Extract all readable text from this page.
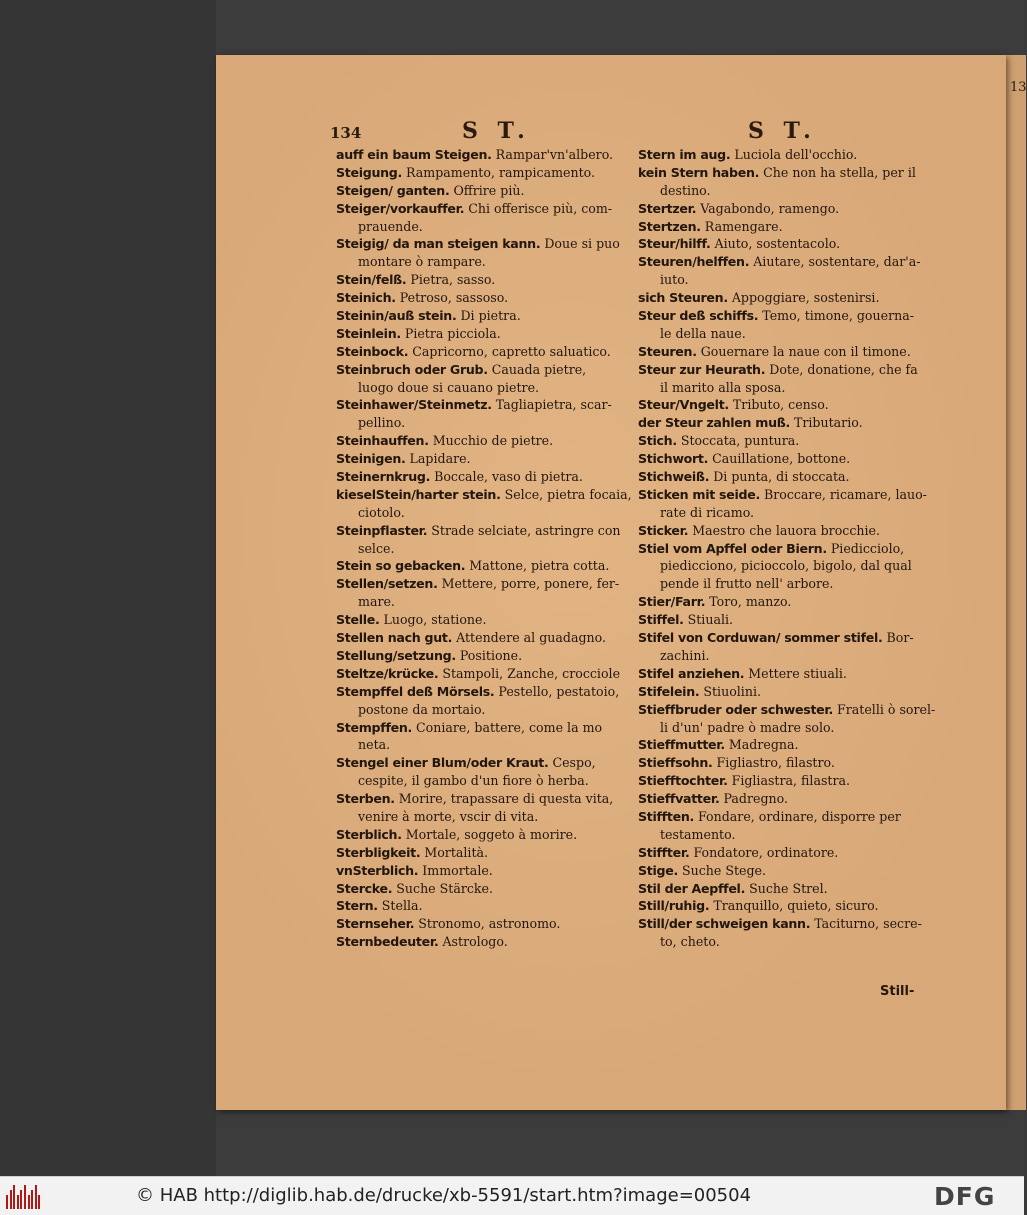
134	S T.	S T.
13
auff ein baum Steigen. Rampar'vn'albero.
Steigung. Rampamento, rampicamento.
Steigen/ ganten. Offrire più.
Steiger/vorkauffer. Chi offerisce più, com-
prauende.
Steigig/ da man steigen kann. Doue si puo
montare ò rampare.
Stein/felß. Pietra, sasso.
Steinich. Petroso, sassoso.
Steinin/auß stein. Di pietra.
Steinlein. Pietra picciola.
Steinbock. Capricorno, capretto saluatico.
Steinbruch oder Grub. Cauada pietre,
luogo doue si cauano pietre.
Steinhawer/Steinmetz. Tagliapietra, scar-
pellino.
Steinhauffen. Mucchio de pietre.
Steinigen. Lapidare.
Steinernkrug. Boccale, vaso di pietra.
kieselStein/harter stein. Selce, pietra focaia,
ciotolo.
Steinpflaster. Strade selciate, astringre con
selce.
Stein so gebacken. Mattone, pietra cotta.
Stellen/setzen. Mettere, porre, ponere, fer-
mare.
Stelle. Luogo, statione.
Stellen nach gut. Attendere al guadagno.
Stellung/setzung. Positione.
Steltze/krücke. Stampoli, Zanche, crocciole
Stempffel deß Mörsels. Pestello, pestatoio,
postone da mortaio.
Stempffen. Coniare, battere, come la mo
neta.
Stengel einer Blum/oder Kraut. Cespo,
cespite, il gambo d'un fiore ò herba.
Sterben. Morire, trapassare di questa vita,
venire à morte, vscir di vita.
Sterblich. Mortale, soggeto à morire.
Sterbligkeit. Mortalità.
vnSterblich. Immortale.
Stercke. Suche Stärcke.
Stern. Stella.
Sternseher. Stronomo, astronomo.
Sternbedeuter. Astrologo.
Stern im aug. Luciola dell'occhio.
kein Stern haben. Che non ha stella, per il
destino.
Stertzer. Vagabondo, ramengo.
Stertzen. Ramengare.
Steur/hilff. Aiuto, sostentacolo.
Steuren/helffen. Aiutare, sostentare, dar'a-
iuto.
sich Steuren. Appoggiare, sostenirsi.
Steur deß schiffs. Temo, timone, gouerna-
le della naue.
Steuren. Gouernare la naue con il timone.
Steur zur Heurath. Dote, donatione, che fa
il marito alla sposa.
Steur/Vngelt. Tributo, censo.
der Steur zahlen muß. Tributario.
Stich. Stoccata, puntura.
Stichwort. Cauillatione, bottone.
Stichweiß. Di punta, di stoccata.
Sticken mit seide. Broccare, ricamare, lauo-
rate di ricamo.
Sticker. Maestro che lauora brocchie.
Stiel vom Apffel oder Biern. Piedicciolo,
piedicciono, picioccolo, bigolo, dal qual
pende il frutto nell' arbore.
Stier/Farr. Toro, manzo.
Stiffel. Stiuali.
Stifel von Corduwan/ sommer stifel. Bor-
zachini.
Stifel anziehen. Mettere stiuali.
Stifelein. Stiuolini.
Stieffbruder oder schwester. Fratelli ò sorel-
li d'un' padre ò madre solo.
Stieffmutter. Madregna.
Stieffsohn. Figliastro, filastro.
Stiefftochter. Figliastra, filastra.
Stieffvatter. Padregno.
Stifften. Fondare, ordinare, disporre per
testamento.
Stiffter. Fondatore, ordinatore.
Stige. Suche Stege.
Stil der Aepffel. Suche Strel.
Still/ruhig. Tranquillo, quieto, sicuro.
Still/der schweigen kann. Taciturno, secre-
to, cheto.
Still-
© HAB http://diglib.hab.de/drucke/xb-5591/start.htm?image=00504	DFG
